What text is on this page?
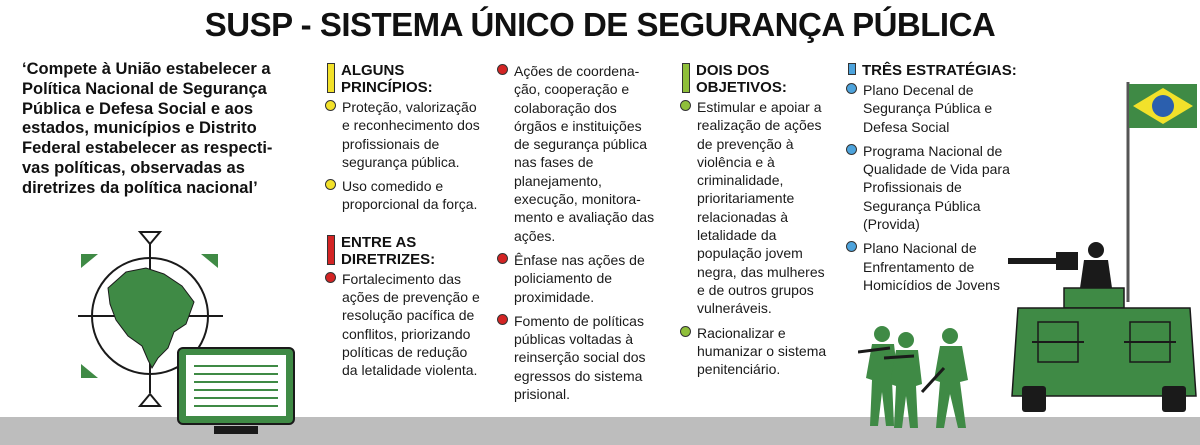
SUSP - SISTEMA ÚNICO DE SEGURANÇA PÚBLICA
‘Compete à União estabelecer a Política Nacional de Segurança Pública e Defesa Social e aos estados, municípios e Distrito Federal estabelecer as respecti-vas políticas, observadas as diretrizes da política nacional’
ALGUNS PRINCÍPIOS:
Proteção, valorização e reconhecimento dos profissionais de segurança pública.
Uso comedido e proporcional da força.
ENTRE AS DIRETRIZES:
Fortalecimento das ações de prevenção e resolução pacífica de conflitos, priorizando políticas de redução da letalidade violenta.
Ações de coordena-ção, cooperação e colaboração dos órgãos e instituições de segurança pública nas fases de planejamento, execução, monitora-mento e avaliação das ações.
Ênfase nas ações de policiamento de proximidade.
Fomento de políticas públicas voltadas à reinserção social dos egressos do sistema prisional.
DOIS DOS OBJETIVOS:
Estimular e apoiar a realização de ações de prevenção à violência e à criminalidade, prioritariamente relacionadas à letalidade da população jovem negra, das mulheres e de outros grupos vulneráveis.
Racionalizar e humanizar o sistema penitenciário.
TRÊS ESTRATÉGIAS:
Plano Decenal de Segurança Pública e Defesa Social
Programa Nacional de Qualidade de Vida para Profissionais de Segurança Pública (Provida)
Plano Nacional de Enfrentamento de Homicídios de Jovens
